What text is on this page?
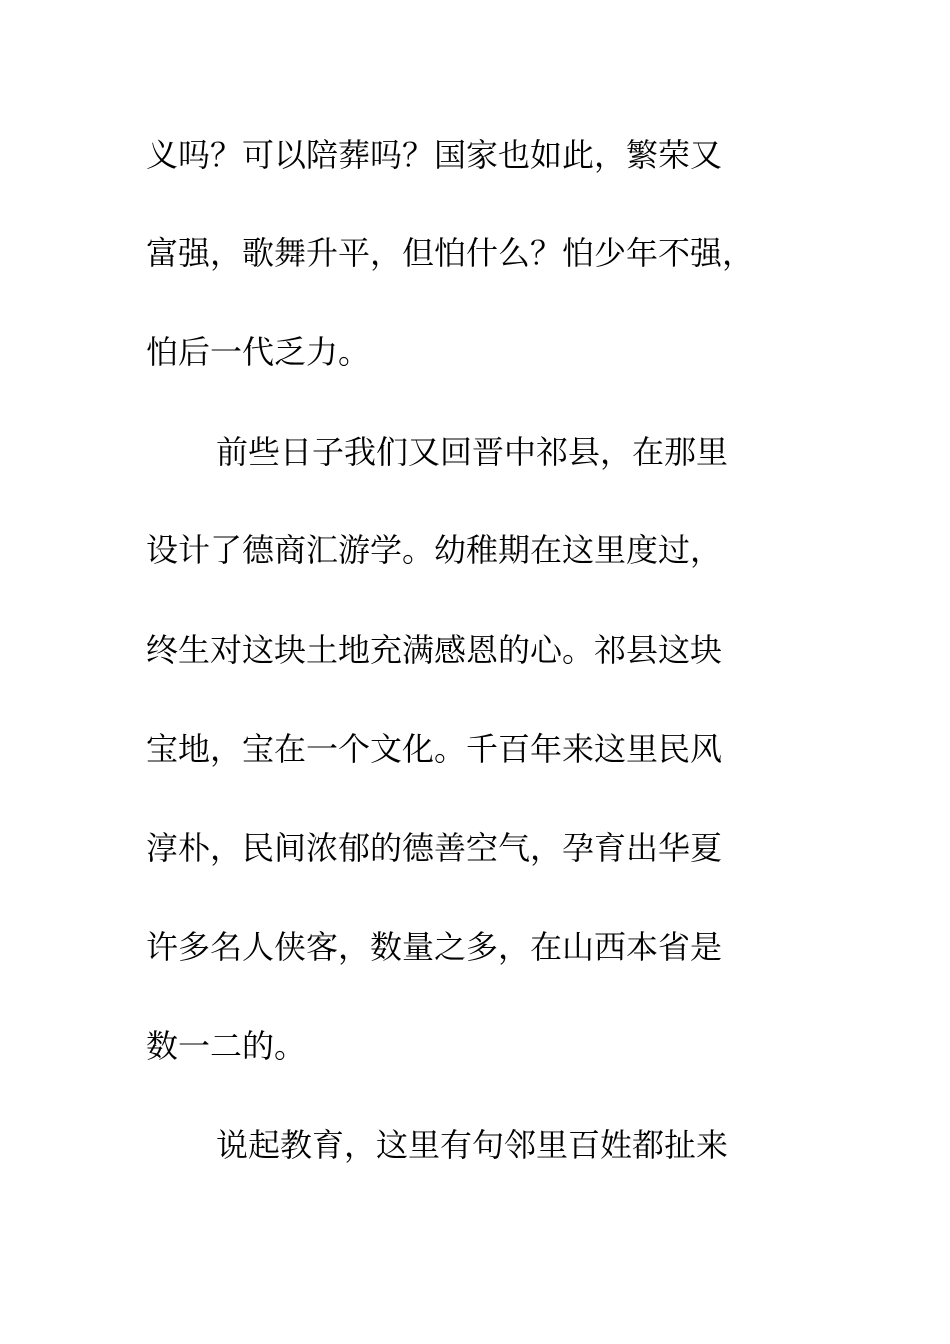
义吗？可以陪葬吗？国家也如此，繁荣又
富强，歌舞升平，但怕什么？怕少年不强，
怕后一代乏力。
前些日子我们又回晋中祁县，在那里
设计了德商汇游学。幼稚期在这里度过，
终生对这块土地充满感恩的心。祁县这块
宝地，宝在一个文化。千百年来这里民风
淳朴，民间浓郁的德善空气，孕育出华夏
许多名人侠客，数量之多，在山西本省是
数一二的。
说起教育，这里有句邻里百姓都扯来
